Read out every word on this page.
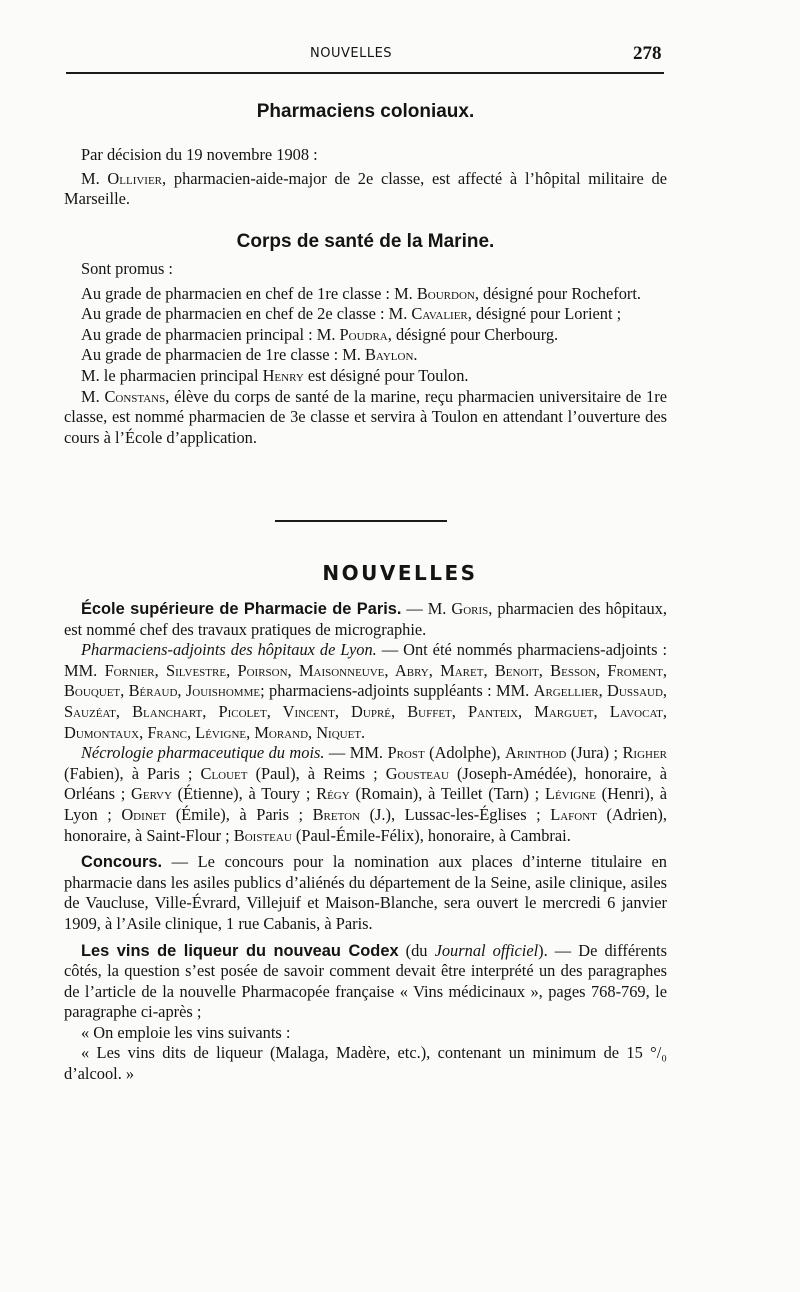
NOUVELLES	278
Pharmaciens coloniaux.

Par décision du 19 novembre 1908 :

M. Ollivier, pharmacien-aide-major de 2e classe, est affecté à l’hôpital militaire de Marseille.

Corps de santé de la Marine.

Sont promus :

Au grade de pharmacien en chef de 1re classe : M. Bourdon, désigné pour Rochefort.

Au grade de pharmacien en chef de 2e classe : M. Cavalier, désigné pour Lorient ;

Au grade de pharmacien principal : M. Poudra, désigné pour Cherbourg.

Au grade de pharmacien de 1re classe : M. Baylon.

M. le pharmacien principal Henry est désigné pour Toulon.

M. Constans, élève du corps de santé de la marine, reçu pharmacien universitaire de 1re classe, est nommé pharmacien de 3e classe et servira à Toulon en attendant l’ouverture des cours à l’École d’application.

NOUVELLES

École supérieure de Pharmacie de Paris. — M. Goris, pharmacien des hôpitaux, est nommé chef des travaux pratiques de micrographie.

Pharmaciens-adjoints des hôpitaux de Lyon. — Ont été nommés pharmaciens-adjoints : MM. Fornier, Silvestre, Poirson, Maisonneuve, Abry, Maret, Benoit, Besson, Froment, Bouquet, Béraud, Jouishomme; pharmaciens-adjoints suppléants : MM. Argellier, Dussaud, Sauzéat, Blanchart, Picolet, Vincent, Dupré, Buffet, Panteix, Marguet, Lavocat, Dumontaux, Franc, Lévigne, Morand, Niquet.

Nécrologie pharmaceutique du mois. — MM. Prost (Adolphe), Arinthod (Jura) ; Righer (Fabien), à Paris ; Clouet (Paul), à Reims ; Gousteau (Joseph-Amédée), honoraire, à Orléans ; Gervy (Étienne), à Toury ; Régy (Romain), à Teillet (Tarn) ; Lévigne (Henri), à Lyon ; Odinet (Émile), à Paris ; Breton (J.), Lussac-les-Églises ; Lafont (Adrien), honoraire, à Saint-Flour ; Boisteau (Paul-Émile-Félix), honoraire, à Cambrai.

Concours. — Le concours pour la nomination aux places d’interne titulaire en pharmacie dans les asiles publics d’aliénés du département de la Seine, asile clinique, asiles de Vaucluse, Ville-Évrard, Villejuif et Maison-Blanche, sera ouvert le mercredi 6 janvier 1909, à l’Asile clinique, 1 rue Cabanis, à Paris.

Les vins de liqueur du nouveau Codex (du Journal officiel). — De différents côtés, la question s’est posée de savoir comment devait être interprété un des paragraphes de l’article de la nouvelle Pharmacopée française « Vins médicinaux », pages 768-769, le paragraphe ci-après ;

« On emploie les vins suivants :

« Les vins dits de liqueur (Malaga, Madère, etc.), contenant un minimum de 15 °/₀ d’alcool. »
